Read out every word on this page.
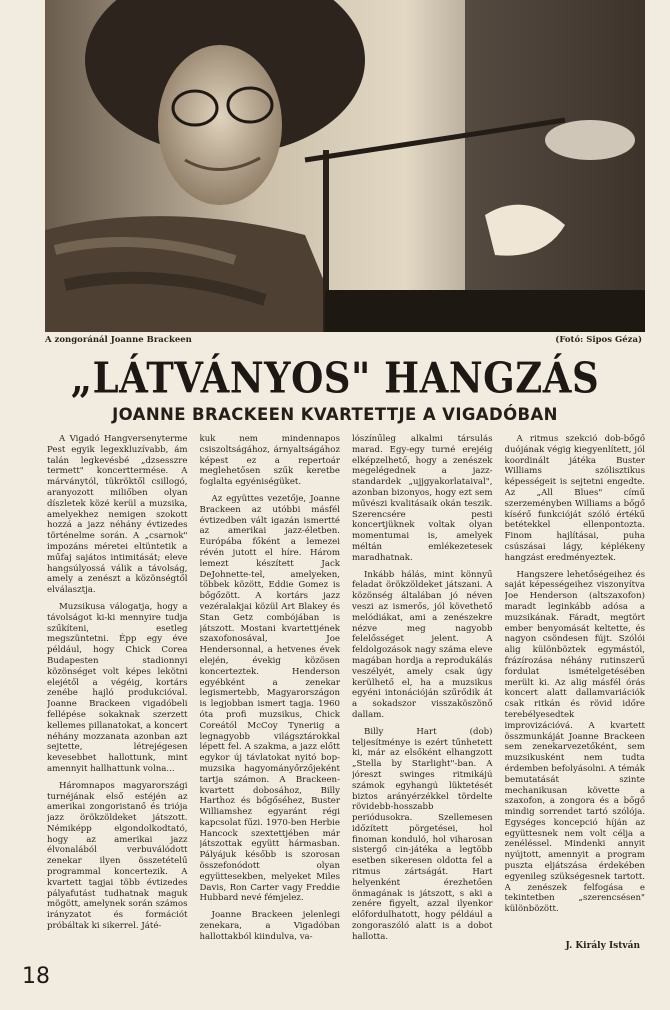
A zongoránál Joanne Brackeen	(Fotó: Sipos Géza)
„LÁTVÁNYOS" HANGZÁS
JOANNE BRACKEEN KVARTETTJE A VIGADÓBAN

A Vigadó Hangversenyterme Pest egyik legexkluzívabb, ám talán legkevésbé „dzsesszre termett" koncerttermése. A márványtól, tükröktől csillogó, aranyozott miliőben olyan díszletek közé kerül a muzsika, amelyekhez nemigen szokott hozzá a jazz néhány évtizedes történelme során. A „csarnok" impozáns méretei eltüntetik a műfaj sajátos intimitását; eleve hangsúlyossá válik a távolság, amely a zenészt a közönségtől elválasztja.

Muzsikusa válogatja, hogy a távolságot ki-ki mennyire tudja szűkíteni, esetleg megszüntetni. Épp egy éve például, hogy Chick Corea Budapesten stadionnyi közönséget volt képes lekötni elejétől a végéig, kortárs zenébe hajló produkcióval. Joanne Brackeen vigadóbeli fellépése sokaknak szerzett kellemes pillanatokat, a koncert néhány mozzanata azonban azt sejtette, létrejégesen kevesebbet hallottunk, mint amennyit hallhattunk volna...

Háromnapos magyarországi turnéjának első estéjén az amerikai zongoristanő és triója jazz örökzöldeket játszott. Némiképp elgondolkodtató, hogy az amerikai jazz élvonalából verbuválódott zenekar ilyen összetételű programmal koncertezik. A kvartett tagjai több évtizedes pályafutást tudhatnak maguk mögött, amelynek során számos irányzatot és formációt próbáltak ki sikerrel. Játé-

kuk nem mindennapos csiszoltságához, árnyaltságához képest ez a repertoár meglehetősen szűk keretbe foglalta egyéniségüket.

Az együttes vezetője, Joanne Brackeen az utóbbi másfél évtizedben vált igazán ismertté az amerikai jazz-életben. Európába főként a lemezei révén jutott el híre. Három lemezt készített Jack DeJohnette-tel, amelyeken, többek között, Eddie Gomez is bőgőzött. A kortárs jazz vezéralakjai közül Art Blakey és Stan Getz combójában is játszott. Mostani kvartettjének szaxofonosával, Joe Hendersonnal, a hetvenes évek elején, évekig közösen koncerteztek. Henderson egyébként a zenekar legismertebb, Magyarországon is legjobban ismert tagja. 1960 óta profi muzsikus, Chick Coreától McCoy Tyneriig a legnagyobb világsztárokkal lépett fel. A szakma, a jazz előtt egykor új távlatokat nyitó bop-muzsika hagyományőrzőjeként tartja számon. A Brackeen-kvartett dobosához, Billy Harthoz és bőgőséhez, Buster Williamshez egyaránt régi kapcsolat fűzi. 1970-ben Herbie Hancock szextettjében már játszottak együtt hármasban. Pályájuk később is szorosan összefonódott olyan együttesekben, melyeket Miles Davis, Ron Carter vagy Freddie Hubbard nevé fémjelez.

Joanne Brackeen jelenlegi zenekara, a Vigadóban hallottakból kiindulva, va-

lószínűleg alkalmi társulás marad. Egy-egy turné erejéig elképzelhető, hogy a zenészek megelégednek a jazz-standardek „ujjgyakorlataival", azonban bizonyos, hogy ezt sem művészi kvalitásaik okán teszik. Szerencsére pesti koncertjüknek voltak olyan momentumai is, amelyek méltán emlékezetesek maradhatnak.

Inkább hálás, mint könnyű feladat örökzöldeket játszani. A közönség általában jó néven veszi az ismerős, jól követhető melódiákat, ami a zenészekre nézve meg nagyobb felelősséget jelent. A feldolgozások nagy száma eleve magában hordja a reprodukálás veszélyét, amely csak úgy kerülhető el, ha a muzsikus egyéni intonációján szűrődik át a sokadszor visszaköszönő dallam.

Billy Hart (dob) teljesítménye is ezért tűnhetett ki, már az elsőként elhangzott „Stella by Starlight"-ban. A jóreszt swinges ritmikájú számok egyhangú lüktetését biztos arányérzékkel tördelte rövidebb-hosszabb periódusokra. Szellemesen időzített pörgetései, hol finoman konduló, hol viharosan sistergő cin-játéka a legtöbb esetben sikeresen oldotta fel a ritmus zártságát. Hart helyenként érezhetően önmagának is játszott, s aki a zenére figyelt, azzal ilyenkor előfordulhatott, hogy például a zongoraszóló alatt is a dobot hallotta.

A ritmus szekció dob-bőgő duójának végig kiegyenlített, jól koordinált játéka Buster Williams szólisztikus képességeit is sejtetni engedte. Az „All Blues" című szerzeményben Williams a bőgő kísérő funkcióját szóló értékű betétekkel ellenpontozta. Finom hajlításai, puha csúszásai lágy, képlékeny hangzást eredményeztek.

Hangszere lehetőségeihez és saját képességeihez viszonyítva Joe Henderson (altszaxofon) maradt leginkább adósa a muzsikának. Fáradt, megtört ember benyomását keltette, és nagyon csöndesen fújt. Szólói alig különböztek egymástól, frázírozása néhány rutinszerű fordulat ismételgetésében merült ki. Az alig másfél órás koncert alatt dallamvariációk csak ritkán és rövid időre terebélyesedtek improvizációvá. A kvartett összmunkáját Joanne Brackeen sem zenekarvezetőként, sem muzsikusként nem tudta érdemben befolyásolni. A témák bemutatását szinte mechanikusan követte a szaxofon, a zongora és a bőgő mindig sorrendet tartó szólója. Egységes koncepció híján az együttesnek nem volt célja a zenéléssel. Mindenki annyit nyújtott, amennyit a program puszta eljátszása érdekében egyenileg szükségesnek tartott. A zenészek felfogása e tekintetben „szerencsésen" különbözött.

J. Király István
18
